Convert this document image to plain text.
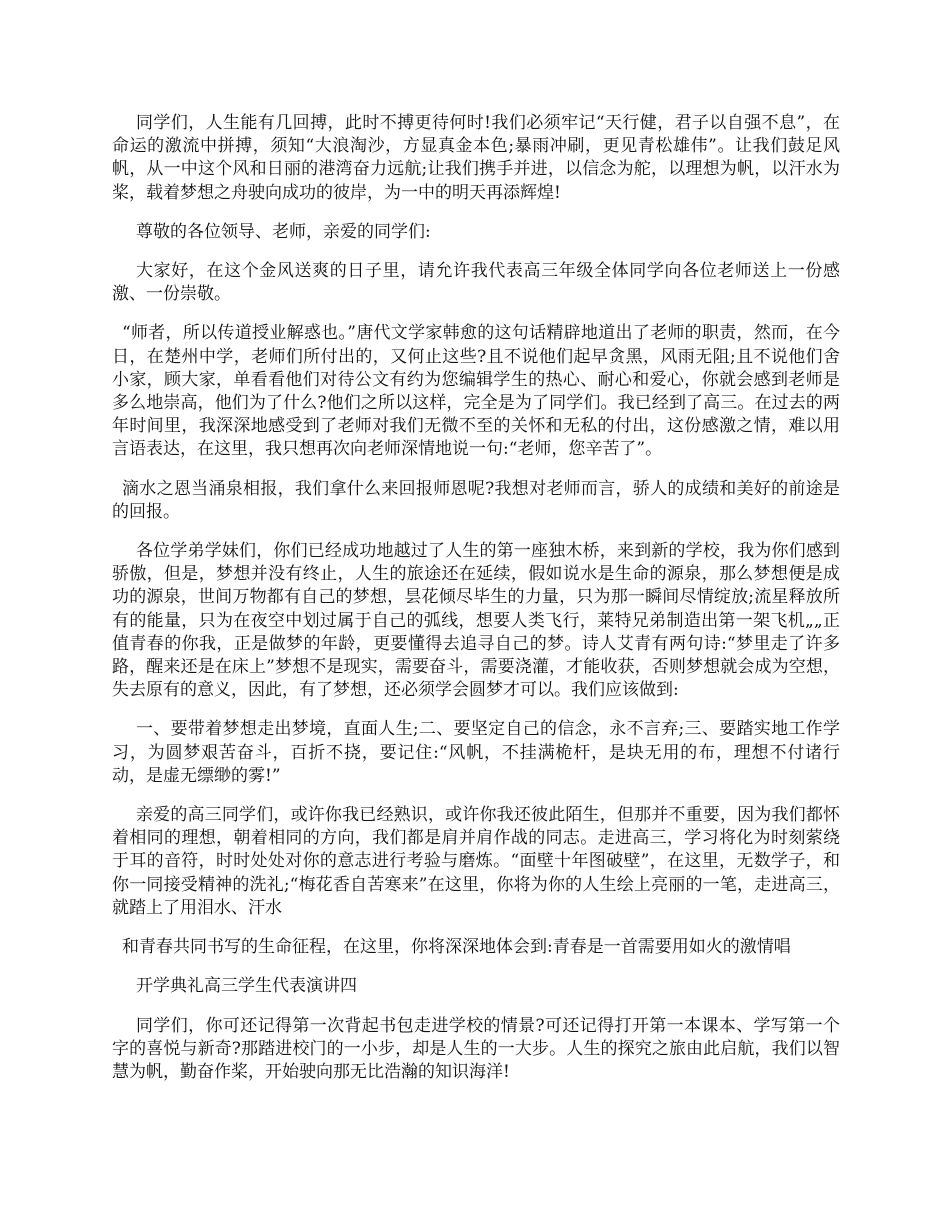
同学们，人生能有几回搏，此时不搏更待何时!我们必须牢记“天行健，君子以自强不息”，在命运的激流中拼搏，须知“大浪淘沙，方显真金本色;暴雨冲刷，更见青松雄伟”。让我们鼓足风帆，从一中这个风和日丽的港湾奋力远航;让我们携手并进，以信念为舵，以理想为帆，以汗水为桨，载着梦想之舟驶向成功的彼岸，为一中的明天再添辉煌!

尊敬的各位领导、老师，亲爱的同学们:

大家好，在这个金风送爽的日子里，请允许我代表高三年级全体同学向各位老师送上一份感激、一份崇敬。

“师者，所以传道授业解惑也。”唐代文学家韩愈的这句话精辟地道出了老师的职责，然而，在今日，在楚州中学，老师们所付出的，又何止这些?且不说他们起早贪黑，风雨无阻;且不说他们舍小家，顾大家，单看看他们对待公文有约为您编辑学生的热心、耐心和爱心，你就会感到老师是多么地崇高，他们为了什么?他们之所以这样，完全是为了同学们。我已经到了高三。在过去的两年时间里，我深深地感受到了老师对我们无微不至的关怀和无私的付出，这份感激之情，难以用言语表达，在这里，我只想再次向老师深情地说一句:“老师，您辛苦了”。

滴水之恩当涌泉相报，我们拿什么来回报师恩呢?我想对老师而言，骄人的成绩和美好的前途是的回报。

各位学弟学妹们，你们已经成功地越过了人生的第一座独木桥，来到新的学校，我为你们感到骄傲，但是，梦想并没有终止，人生的旅途还在延续，假如说水是生命的源泉，那么梦想便是成功的源泉，世间万物都有自己的梦想，昙花倾尽毕生的力量，只为那一瞬间尽情绽放;流星释放所有的能量，只为在夜空中划过属于自己的弧线，想要人类飞行，莱特兄弟制造出第一架飞机„„正值青春的你我，正是做梦的年龄，更要懂得去追寻自己的梦。诗人艾青有两句诗:“梦里走了许多路，醒来还是在床上”梦想不是现实，需要奋斗，需要浇灌，才能收获，否则梦想就会成为空想，失去原有的意义，因此，有了梦想，还必须学会圆梦才可以。我们应该做到:

一、要带着梦想走出梦境，直面人生;二、要坚定自己的信念，永不言弃;三、要踏实地工作学习，为圆梦艰苦奋斗，百折不挠，要记住:“风帆，不挂满桅杆，是块无用的布，理想不付诸行动，是虚无缥缈的雾!”

亲爱的高三同学们，或许你我已经熟识，或许你我还彼此陌生，但那并不重要，因为我们都怀着相同的理想，朝着相同的方向，我们都是肩并肩作战的同志。走进高三，学习将化为时刻萦绕于耳的音符，时时处处对你的意志进行考验与磨炼。“面壁十年图破壁”，在这里，无数学子，和你一同接受精神的洗礼;“梅花香自苦寒来”在这里，你将为你的人生绘上亮丽的一笔，走进高三，就踏上了用泪水、汗水

和青春共同书写的生命征程，在这里，你将深深地体会到:青春是一首需要用如火的激情唱

开学典礼高三学生代表演讲四

同学们，你可还记得第一次背起书包走进学校的情景?可还记得打开第一本课本、学写第一个字的喜悦与新奇?那踏进校门的一小步，却是人生的一大步。人生的探究之旅由此启航，我们以智慧为帆，勤奋作桨，开始驶向那无比浩瀚的知识海洋!
